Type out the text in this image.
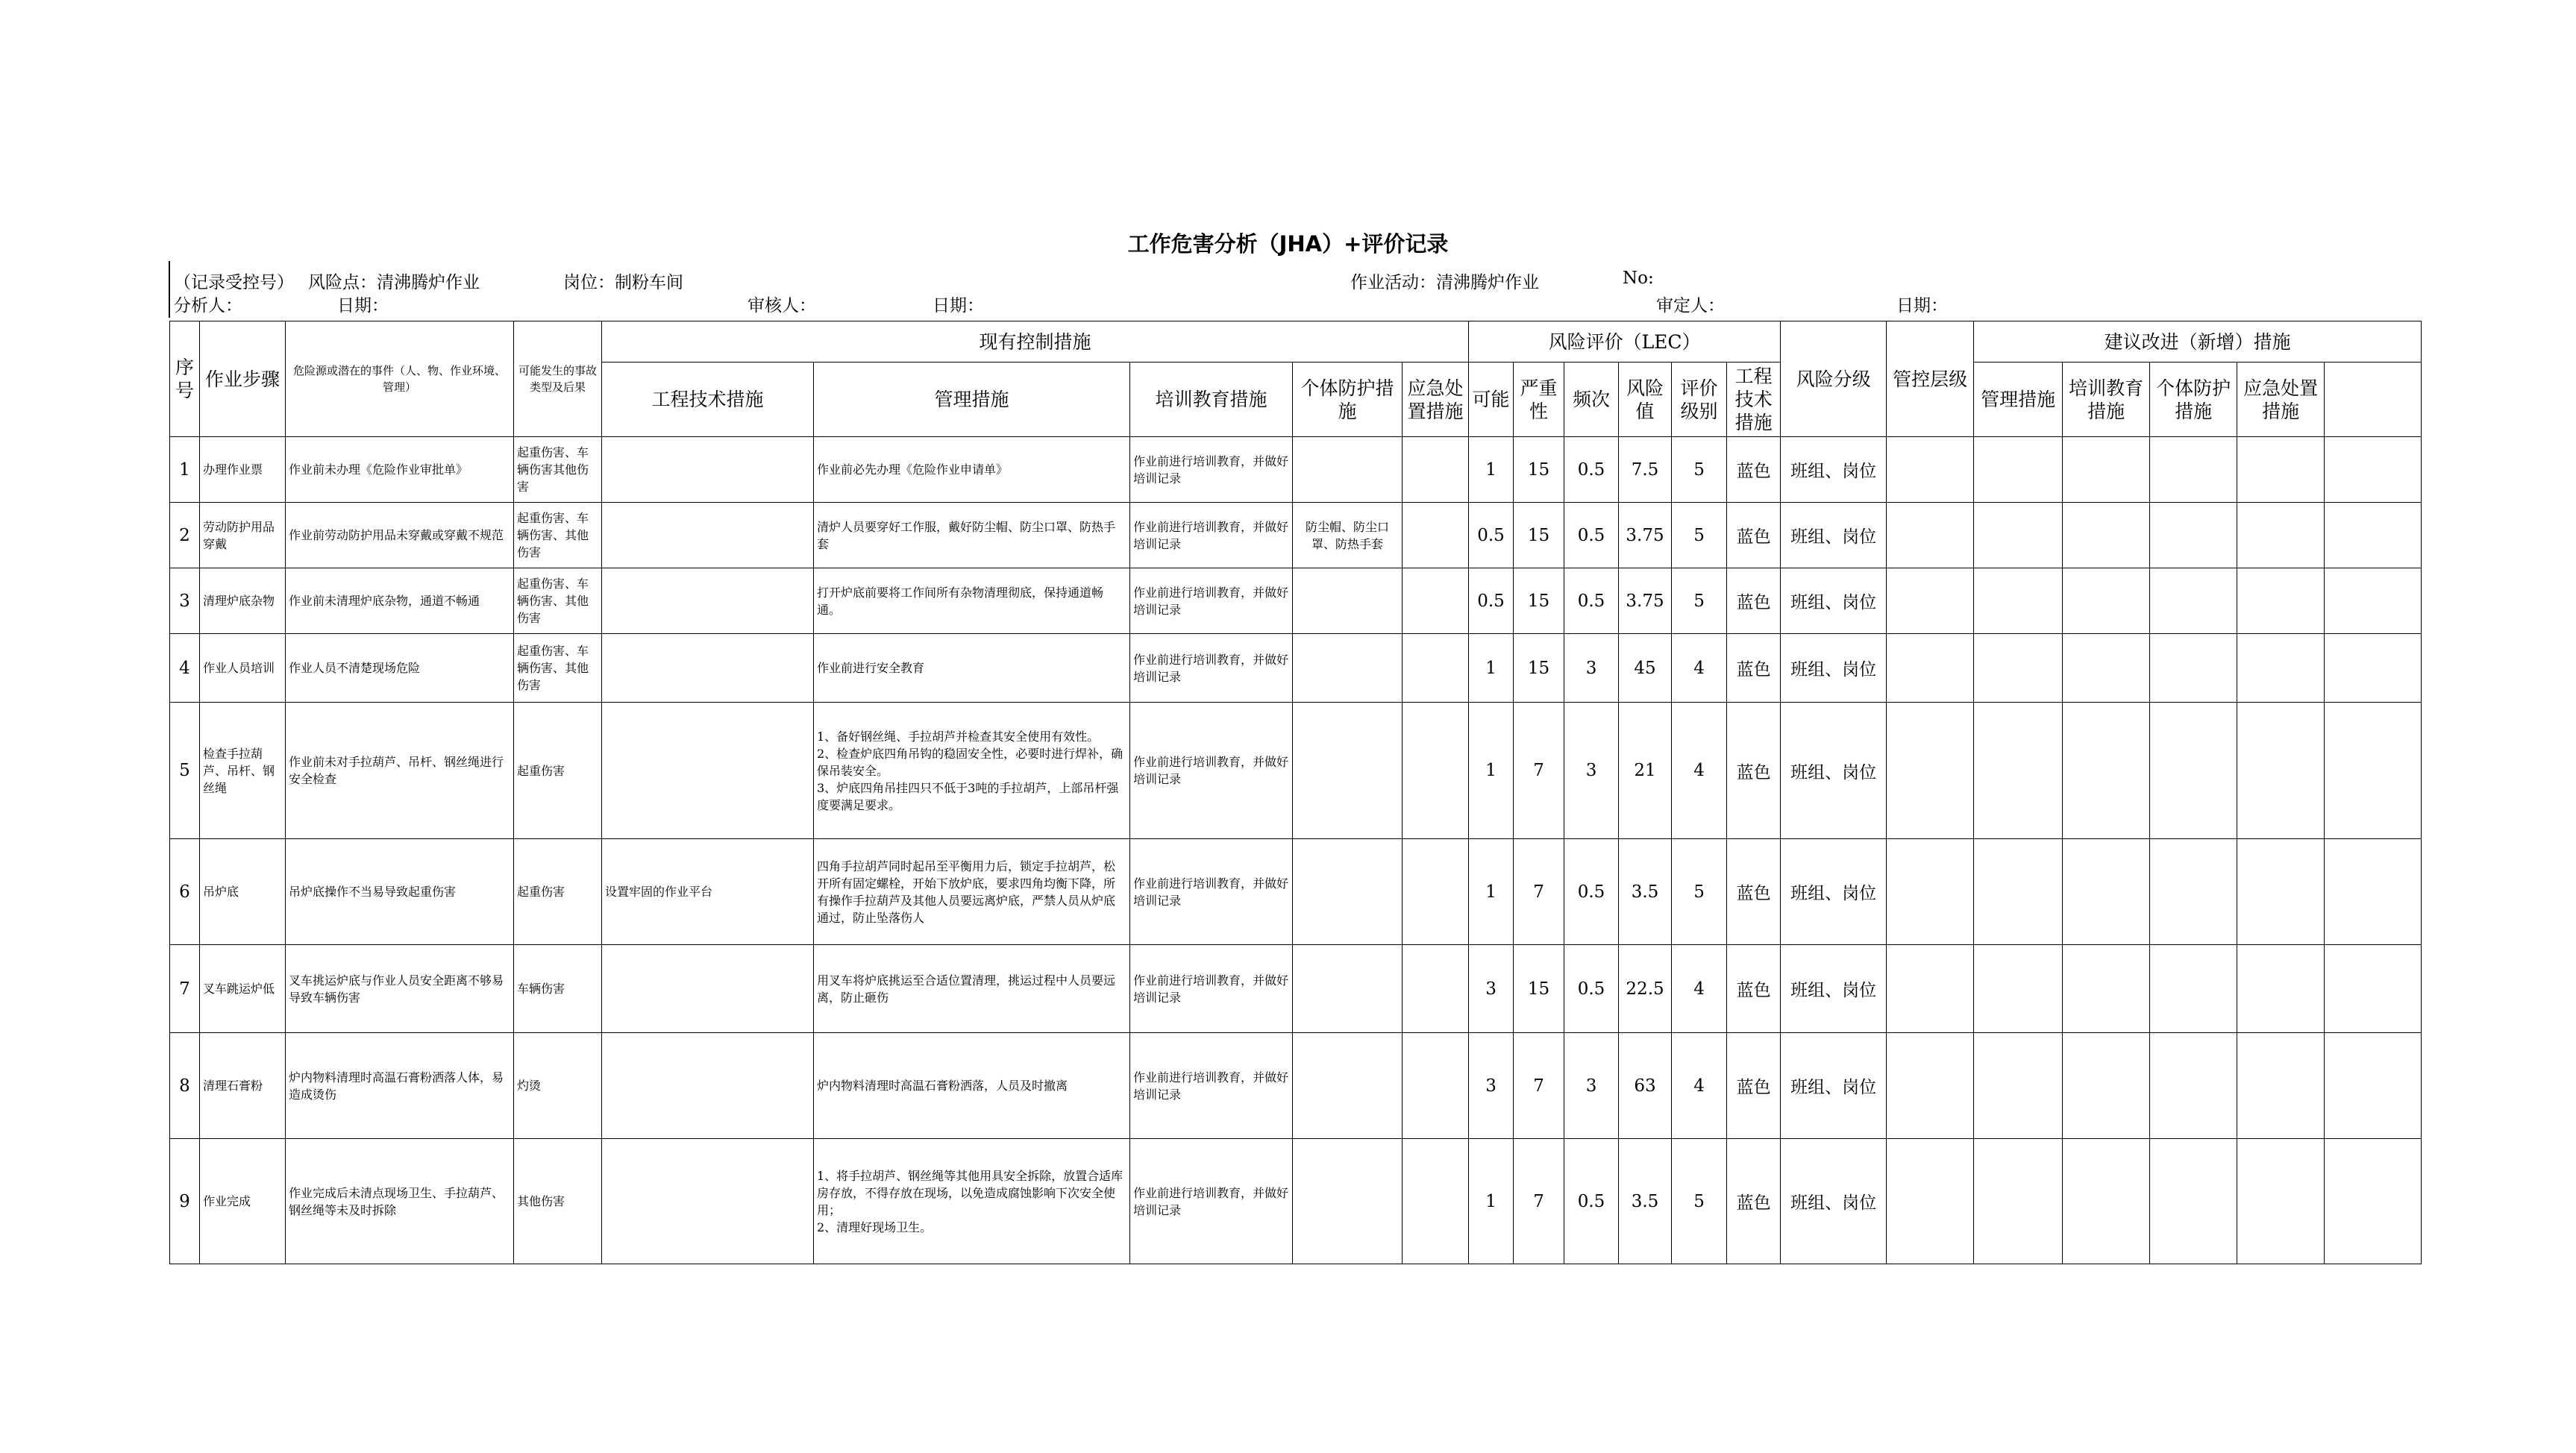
工作危害分析（JHA）+评价记录
（记录受控号） 风险点：清沸腾炉作业	岗位：制粉车间	作业活动：清沸腾炉作业	No:
分析人：	日期：	审核人：	日期：	审定人：	日期：
序号	作业步骤	危险源或潜在的事件（人、物、作业环境、管理）	可能发生的事故类型及后果	现有控制措施					风险评价（LEC）						风险分级	管控层级	建议改进（新增）措施	
				工程技术措施	管理措施	培训教育措施	个体防护措施	应急处置措施	可能	严重性	频次	风险值	评价级别	工程技术措施			管理措施	培训教育措施	个体防护措施	应急处置措施		
1	办理作业票	作业前未办理《危险作业审批单》	起重伤害、车辆伤害其他伤害		作业前必先办理《危险作业申请单》	作业前进行培训教育，并做好培训记录			1	15	0.5	7.5	5	蓝色	班组、岗位							
2	劳动防护用品穿戴	作业前劳动防护用品未穿戴或穿戴不规范	起重伤害、车辆伤害、其他伤害		清炉人员要穿好工作服，戴好防尘帽、防尘口罩、防热手套	作业前进行培训教育，并做好培训记录	防尘帽、防尘口罩、防热手套		0.5	15	0.5	3.75	5	蓝色	班组、岗位							
3	清理炉底杂物	作业前未清理炉底杂物，通道不畅通	起重伤害、车辆伤害、其他伤害		打开炉底前要将工作间所有杂物清理彻底，保持通道畅通。	作业前进行培训教育，并做好培训记录			0.5	15	0.5	3.75	5	蓝色	班组、岗位							
4	作业人员培训	作业人员不清楚现场危险	起重伤害、车辆伤害、其他伤害		作业前进行安全教育	作业前进行培训教育，并做好培训记录			1	15	3	45	4	蓝色	班组、岗位							
5	检查手拉葫芦、吊杆、钢丝绳	作业前未对手拉葫芦、吊杆、钢丝绳进行安全检查	起重伤害		1、备好钢丝绳、手拉胡芦并检查其安全使用有效性。
2、检查炉底四角吊钩的稳固安全性，必要时进行焊补，确保吊装安全。
3、炉底四角吊挂四只不低于3吨的手拉胡芦，上部吊杆强度要满足要求。	作业前进行培训教育，并做好培训记录			1	7	3	21	4	蓝色	班组、岗位							
6	吊炉底	吊炉底操作不当易导致起重伤害	起重伤害	设置牢固的作业平台	四角手拉胡芦同时起吊至平衡用力后，锁定手拉胡芦，松开所有固定螺栓，开始下放炉底，要求四角均衡下降，所有操作手拉葫芦及其他人员要远离炉底，严禁人员从炉底通过，防止坠落伤人	作业前进行培训教育，并做好培训记录			1	7	0.5	3.5	5	蓝色	班组、岗位							
7	叉车跳运炉低	叉车挑运炉底与作业人员安全距离不够易导致车辆伤害	车辆伤害		用叉车将炉底挑运至合适位置清理，挑运过程中人员要远离，防止砸伤	作业前进行培训教育，并做好培训记录			3	15	0.5	22.5	4	蓝色	班组、岗位							
8	清理石膏粉	炉内物料清理时高温石膏粉洒落人体，易造成烫伤	灼烫		炉内物料清理时高温石膏粉洒落，人员及时撤离	作业前进行培训教育，并做好培训记录			3	7	3	63	4	蓝色	班组、岗位							
9	作业完成	作业完成后未清点现场卫生、手拉葫芦、钢丝绳等未及时拆除	其他伤害		1、将手拉胡芦、钢丝绳等其他用具安全拆除，放置合适库房存放，不得存放在现场，以免造成腐蚀影响下次安全使用；
2、清理好现场卫生。	作业前进行培训教育，并做好培训记录			1	7	0.5	3.5	5	蓝色	班组、岗位							
